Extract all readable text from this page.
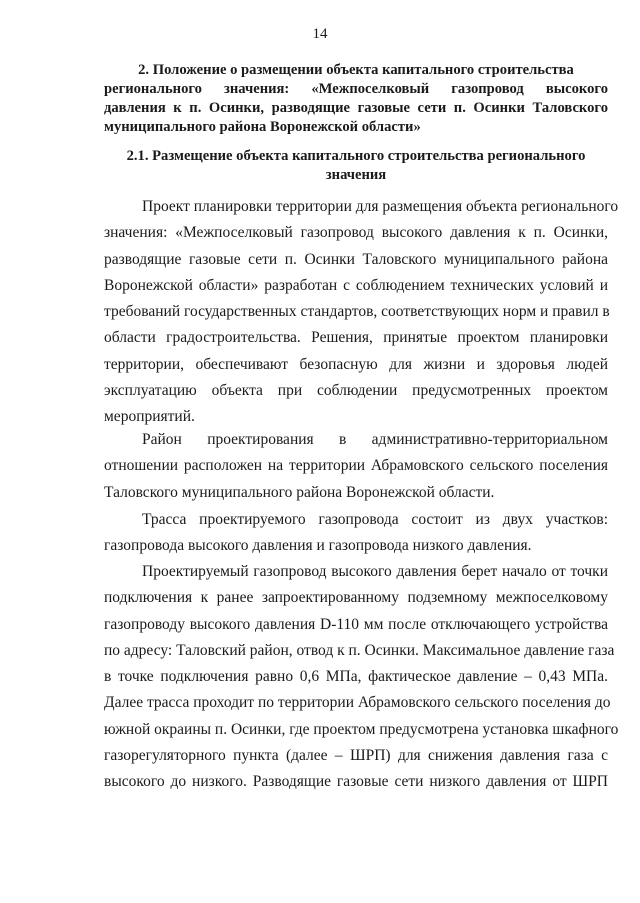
14
2. Положение о размещении объекта капитального строительства
регионального значения: «Межпоселковый газопровод высокого
давления к п. Осинки, разводящие газовые сети п. Осинки Таловского
муниципального района Воронежской области»
2.1. Размещение объекта капитального строительства регионального
значения
Проект планировки территории для размещения объекта регионального
значения: «Межпоселковый газопровод высокого давления к п. Осинки,
разводящие газовые сети п. Осинки Таловского муниципального района
Воронежской области» разработан с соблюдением технических условий и
требований государственных стандартов, соответствующих норм и правил в
области градостроительства. Решения, принятые проектом планировки
территории, обеспечивают безопасную для жизни и здоровья людей
эксплуатацию объекта при соблюдении предусмотренных проектом
мероприятий.
Район проектирования в административно-территориальном
отношении расположен на территории Абрамовского сельского поселения
Таловского муниципального района Воронежской области.
Трасса проектируемого газопровода состоит из двух участков:
газопровода высокого давления и газопровода низкого давления.
Проектируемый газопровод высокого давления берет начало от точки
подключения к ранее запроектированному подземному межпоселковому
газопроводу высокого давления D-110 мм после отключающего устройства
по адресу: Таловский район, отвод к п. Осинки. Максимальное давление газа
в точке подключения равно 0,6 МПа, фактическое давление – 0,43 МПа.
Далее трасса проходит по территории Абрамовского сельского поселения до
южной окраины п. Осинки, где проектом предусмотрена установка шкафного
газорегуляторного пункта (далее – ШРП) для снижения давления газа с
высокого до низкого. Разводящие газовые сети низкого давления от ШРП
